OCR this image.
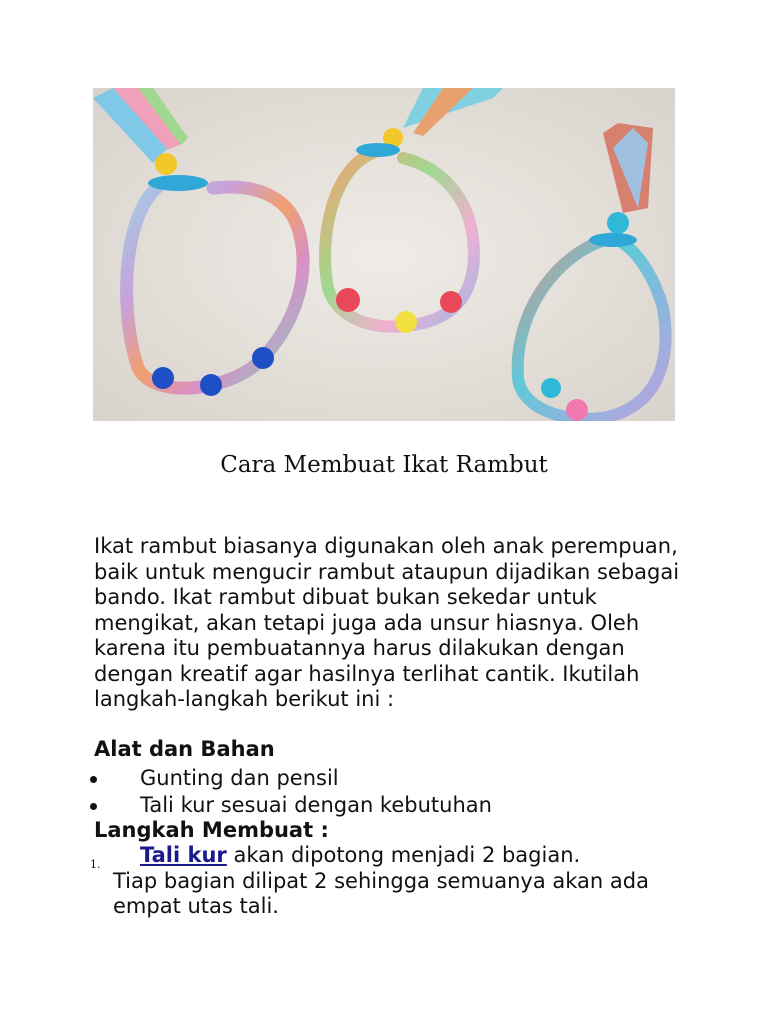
Cara Membuat Ikat Rambut
Ikat rambut biasanya digunakan oleh anak perempuan, baik untuk mengucir rambut ataupun dijadikan sebagai bando. Ikat rambut dibuat bukan sekedar untuk mengikat, akan tetapi juga ada unsur hiasnya. Oleh karena itu pembuatannya harus dilakukan dengan dengan kreatif agar hasilnya terlihat cantik. Ikutilah langkah-langkah berikut ini :
Alat dan Bahan
Gunting dan pensil
Tali kur sesuai dengan kebutuhan
Langkah Membuat :
1. Tali kur akan dipotong menjadi 2 bagian.
Tiap bagian dilipat 2 sehingga semuanya akan ada empat utas tali.
